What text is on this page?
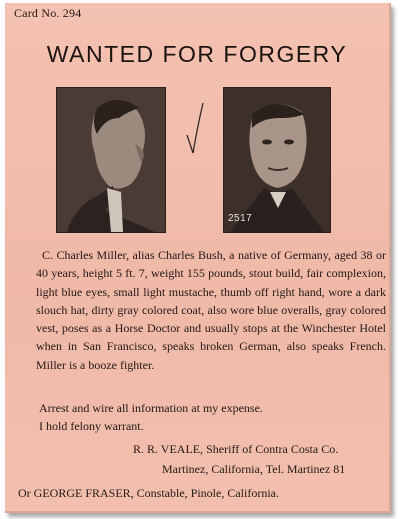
Card No. 294
WANTED FOR FORGERY
2517

C. Charles Miller, alias Charles Bush, a native of Germany, aged 38 or 40 years, height 5 ft. 7, weight 155 pounds, stout build, fair complexion, light blue eyes, small light mustache, thumb off right hand, wore a dark slouch hat, dirty gray colored coat, also wore blue overalls, gray colored vest, poses as a Horse Doctor and usually stops at the Winchester Hotel when in San Francisco, speaks broken German, also speaks French. Miller is a booze fighter.

Arrest and wire all information at my expense.
I hold felony warrant.
R. R. VEALE, Sheriff of Contra Costa Co.
Martinez, California, Tel. Martinez 81
Or GEORGE FRASER, Constable, Pinole, California.
